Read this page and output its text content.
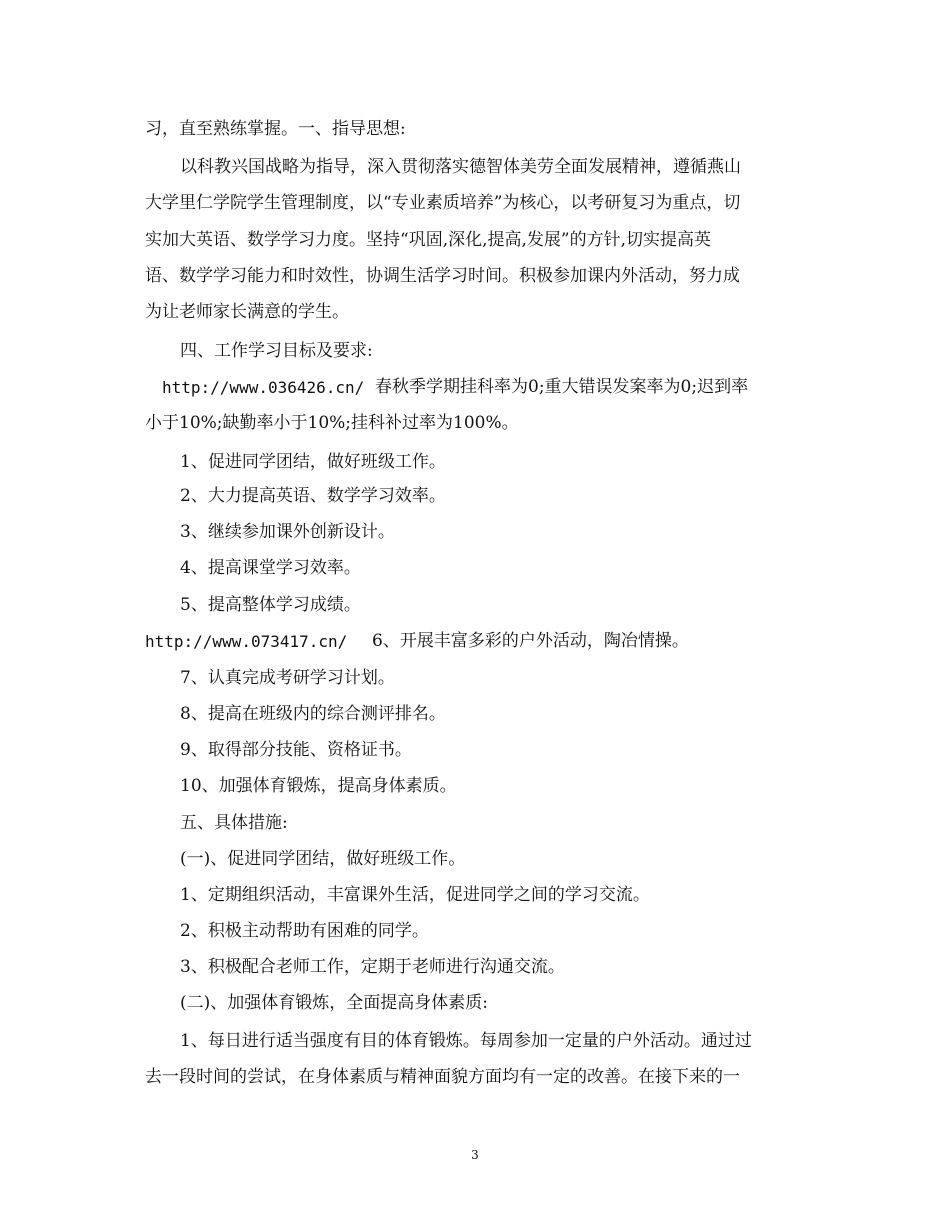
习，直至熟练掌握。一、指导思想:
以科教兴国战略为指导，深入贯彻落实德智体美劳全面发展精神，遵循燕山
大学里仁学院学生管理制度，以“专业素质培养”为核心，以考研复习为重点，切
实加大英语、数学学习力度。坚持“巩固,深化,提高,发展”的方针,切实提高英
语、数学学习能力和时效性，协调生活学习时间。积极参加课内外活动，努力成
为让老师家长满意的学生。
四、工作学习目标及要求:
http://www.036426.cn/ 春秋季学期挂科率为0;重大错误发案率为0;迟到率
小于10%;缺勤率小于10%;挂科补过率为100%。
1、促进同学团结，做好班级工作。
2、大力提高英语、数学学习效率。
3、继续参加课外创新设计。
4、提高课堂学习效率。
5、提高整体学习成绩。
http://www.073417.cn/	6、开展丰富多彩的户外活动，陶冶情操。
7、认真完成考研学习计划。
8、提高在班级内的综合测评排名。
9、取得部分技能、资格证书。
10、加强体育锻炼，提高身体素质。
五、具体措施:
(一)、促进同学团结，做好班级工作。
1、定期组织活动，丰富课外生活，促进同学之间的学习交流。
2、积极主动帮助有困难的同学。
3、积极配合老师工作，定期于老师进行沟通交流。
(二)、加强体育锻炼，全面提高身体素质:
1、每日进行适当强度有目的体育锻炼。每周参加一定量的户外活动。通过过
去一段时间的尝试，在身体素质与精神面貌方面均有一定的改善。在接下来的一
3
